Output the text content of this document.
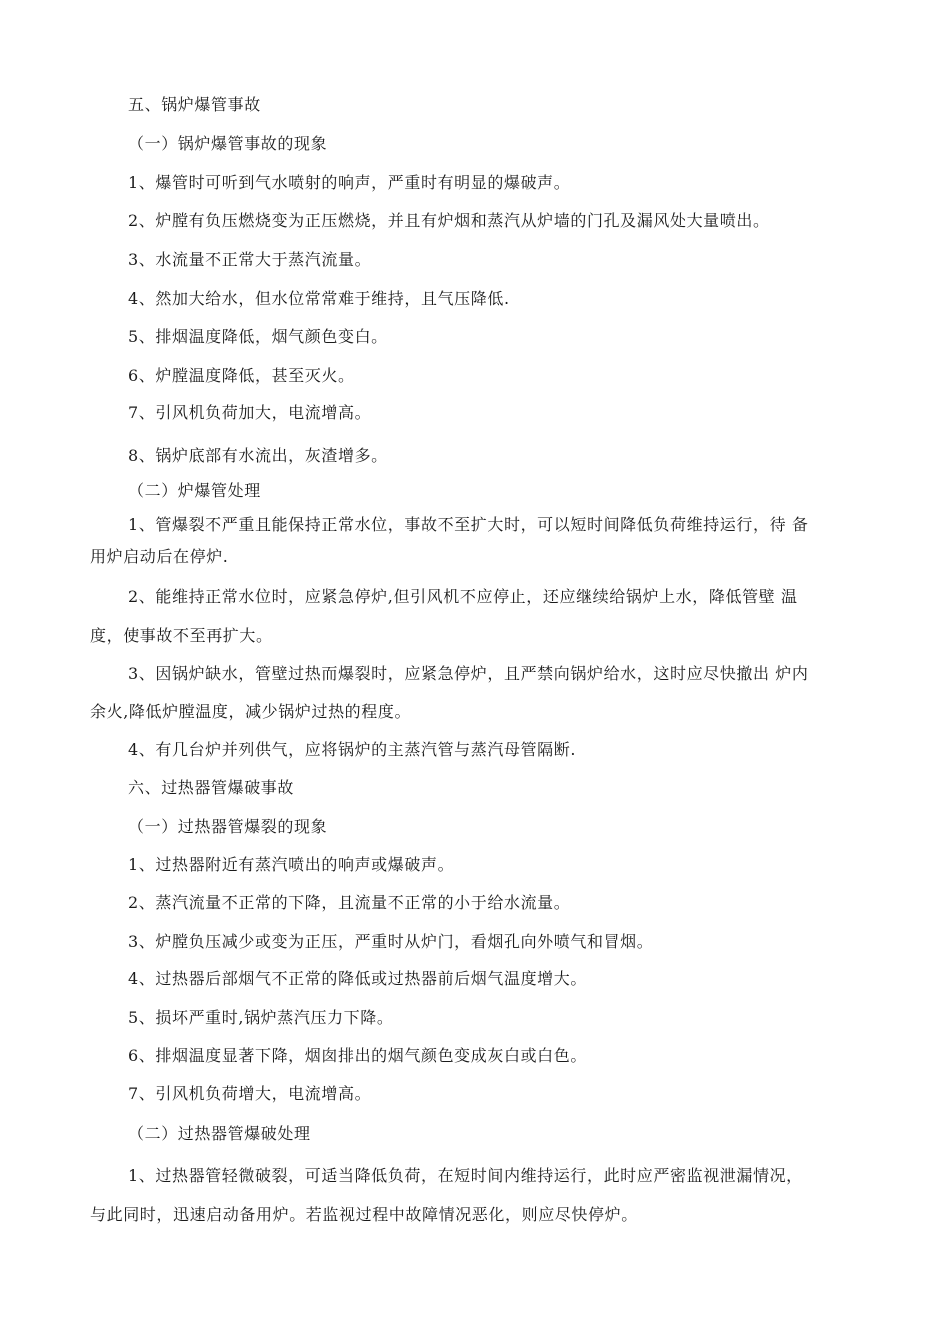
五、锅炉爆管事故
（一）锅炉爆管事故的现象
1、爆管时可听到气水喷射的响声，严重时有明显的爆破声。
2、炉膛有负压燃烧变为正压燃烧，并且有炉烟和蒸汽从炉墙的门孔及漏风处大量喷出。
3、水流量不正常大于蒸汽流量。
4、然加大给水，但水位常常难于维持，且气压降低.
5、排烟温度降低，烟气颜色变白。
6、炉膛温度降低，甚至灭火。
7、引风机负荷加大，电流增高。
8、锅炉底部有水流出，灰渣增多。
（二）炉爆管处理
1、管爆裂不严重且能保持正常水位，事故不至扩大时，可以短时间降低负荷维持运行，待 备
用炉启动后在停炉.
2、能维持正常水位时，应紧急停炉,但引风机不应停止，还应继续给锅炉上水，降低管壁 温
度，使事故不至再扩大。
3、因锅炉缺水，管壁过热而爆裂时，应紧急停炉，且严禁向锅炉给水，这时应尽快撤出 炉内
余火,降低炉膛温度，减少锅炉过热的程度。
4、有几台炉并列供气，应将锅炉的主蒸汽管与蒸汽母管隔断.
六、过热器管爆破事故
（一）过热器管爆裂的现象
1、过热器附近有蒸汽喷出的响声或爆破声。
2、蒸汽流量不正常的下降，且流量不正常的小于给水流量。
3、炉膛负压减少或变为正压，严重时从炉门，看烟孔向外喷气和冒烟。
4、过热器后部烟气不正常的降低或过热器前后烟气温度增大。
5、损坏严重时,锅炉蒸汽压力下降。
6、排烟温度显著下降，烟囱排出的烟气颜色变成灰白或白色。
7、引风机负荷增大，电流增高。
（二）过热器管爆破处理
1、过热器管轻微破裂，可适当降低负荷，在短时间内维持运行，此时应严密监视泄漏情况，
与此同时，迅速启动备用炉。若监视过程中故障情况恶化，则应尽快停炉。
